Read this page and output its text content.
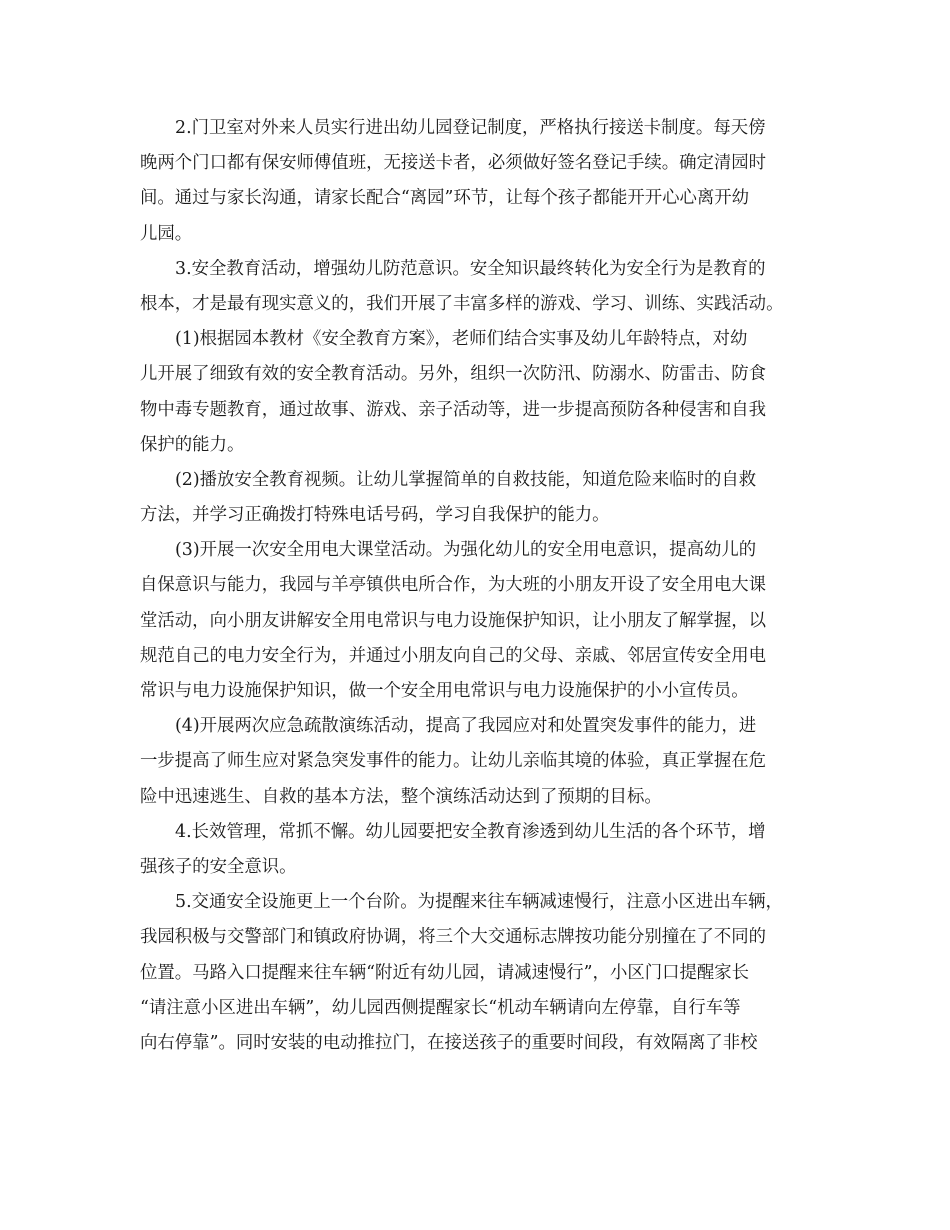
2.门卫室对外来人员实行进出幼儿园登记制度，严格执行接送卡制度。每天傍
晚两个门口都有保安师傅值班，无接送卡者，必须做好签名登记手续。确定清园时
间。通过与家长沟通，请家长配合“离园”环节，让每个孩子都能开开心心离开幼
儿园。
3.安全教育活动，增强幼儿防范意识。安全知识最终转化为安全行为是教育的
根本，才是最有现实意义的，我们开展了丰富多样的游戏、学习、训练、实践活动。
(1)根据园本教材《安全教育方案》，老师们结合实事及幼儿年龄特点，对幼
儿开展了细致有效的安全教育活动。另外，组织一次防汛、防溺水、防雷击、防食
物中毒专题教育，通过故事、游戏、亲子活动等，进一步提高预防各种侵害和自我
保护的能力。
(2)播放安全教育视频。让幼儿掌握简单的自救技能，知道危险来临时的自救
方法，并学习正确拨打特殊电话号码，学习自我保护的能力。
(3)开展一次安全用电大课堂活动。为强化幼儿的安全用电意识，提高幼儿的
自保意识与能力，我园与羊亭镇供电所合作，为大班的小朋友开设了安全用电大课
堂活动，向小朋友讲解安全用电常识与电力设施保护知识，让小朋友了解掌握，以
规范自己的电力安全行为，并通过小朋友向自己的父母、亲戚、邻居宣传安全用电
常识与电力设施保护知识，做一个安全用电常识与电力设施保护的小小宣传员。
(4)开展两次应急疏散演练活动，提高了我园应对和处置突发事件的能力，进
一步提高了师生应对紧急突发事件的能力。让幼儿亲临其境的体验，真正掌握在危
险中迅速逃生、自救的基本方法，整个演练活动达到了预期的目标。
4.长效管理，常抓不懈。幼儿园要把安全教育渗透到幼儿生活的各个环节，增
强孩子的安全意识。
5.交通安全设施更上一个台阶。为提醒来往车辆减速慢行，注意小区进出车辆，
我园积极与交警部门和镇政府协调，将三个大交通标志牌按功能分别撞在了不同的
位置。马路入口提醒来往车辆“附近有幼儿园，请减速慢行”，小区门口提醒家长
“请注意小区进出车辆”，幼儿园西侧提醒家长“机动车辆请向左停靠，自行车等
向右停靠”。同时安装的电动推拉门，在接送孩子的重要时间段，有效隔离了非校
